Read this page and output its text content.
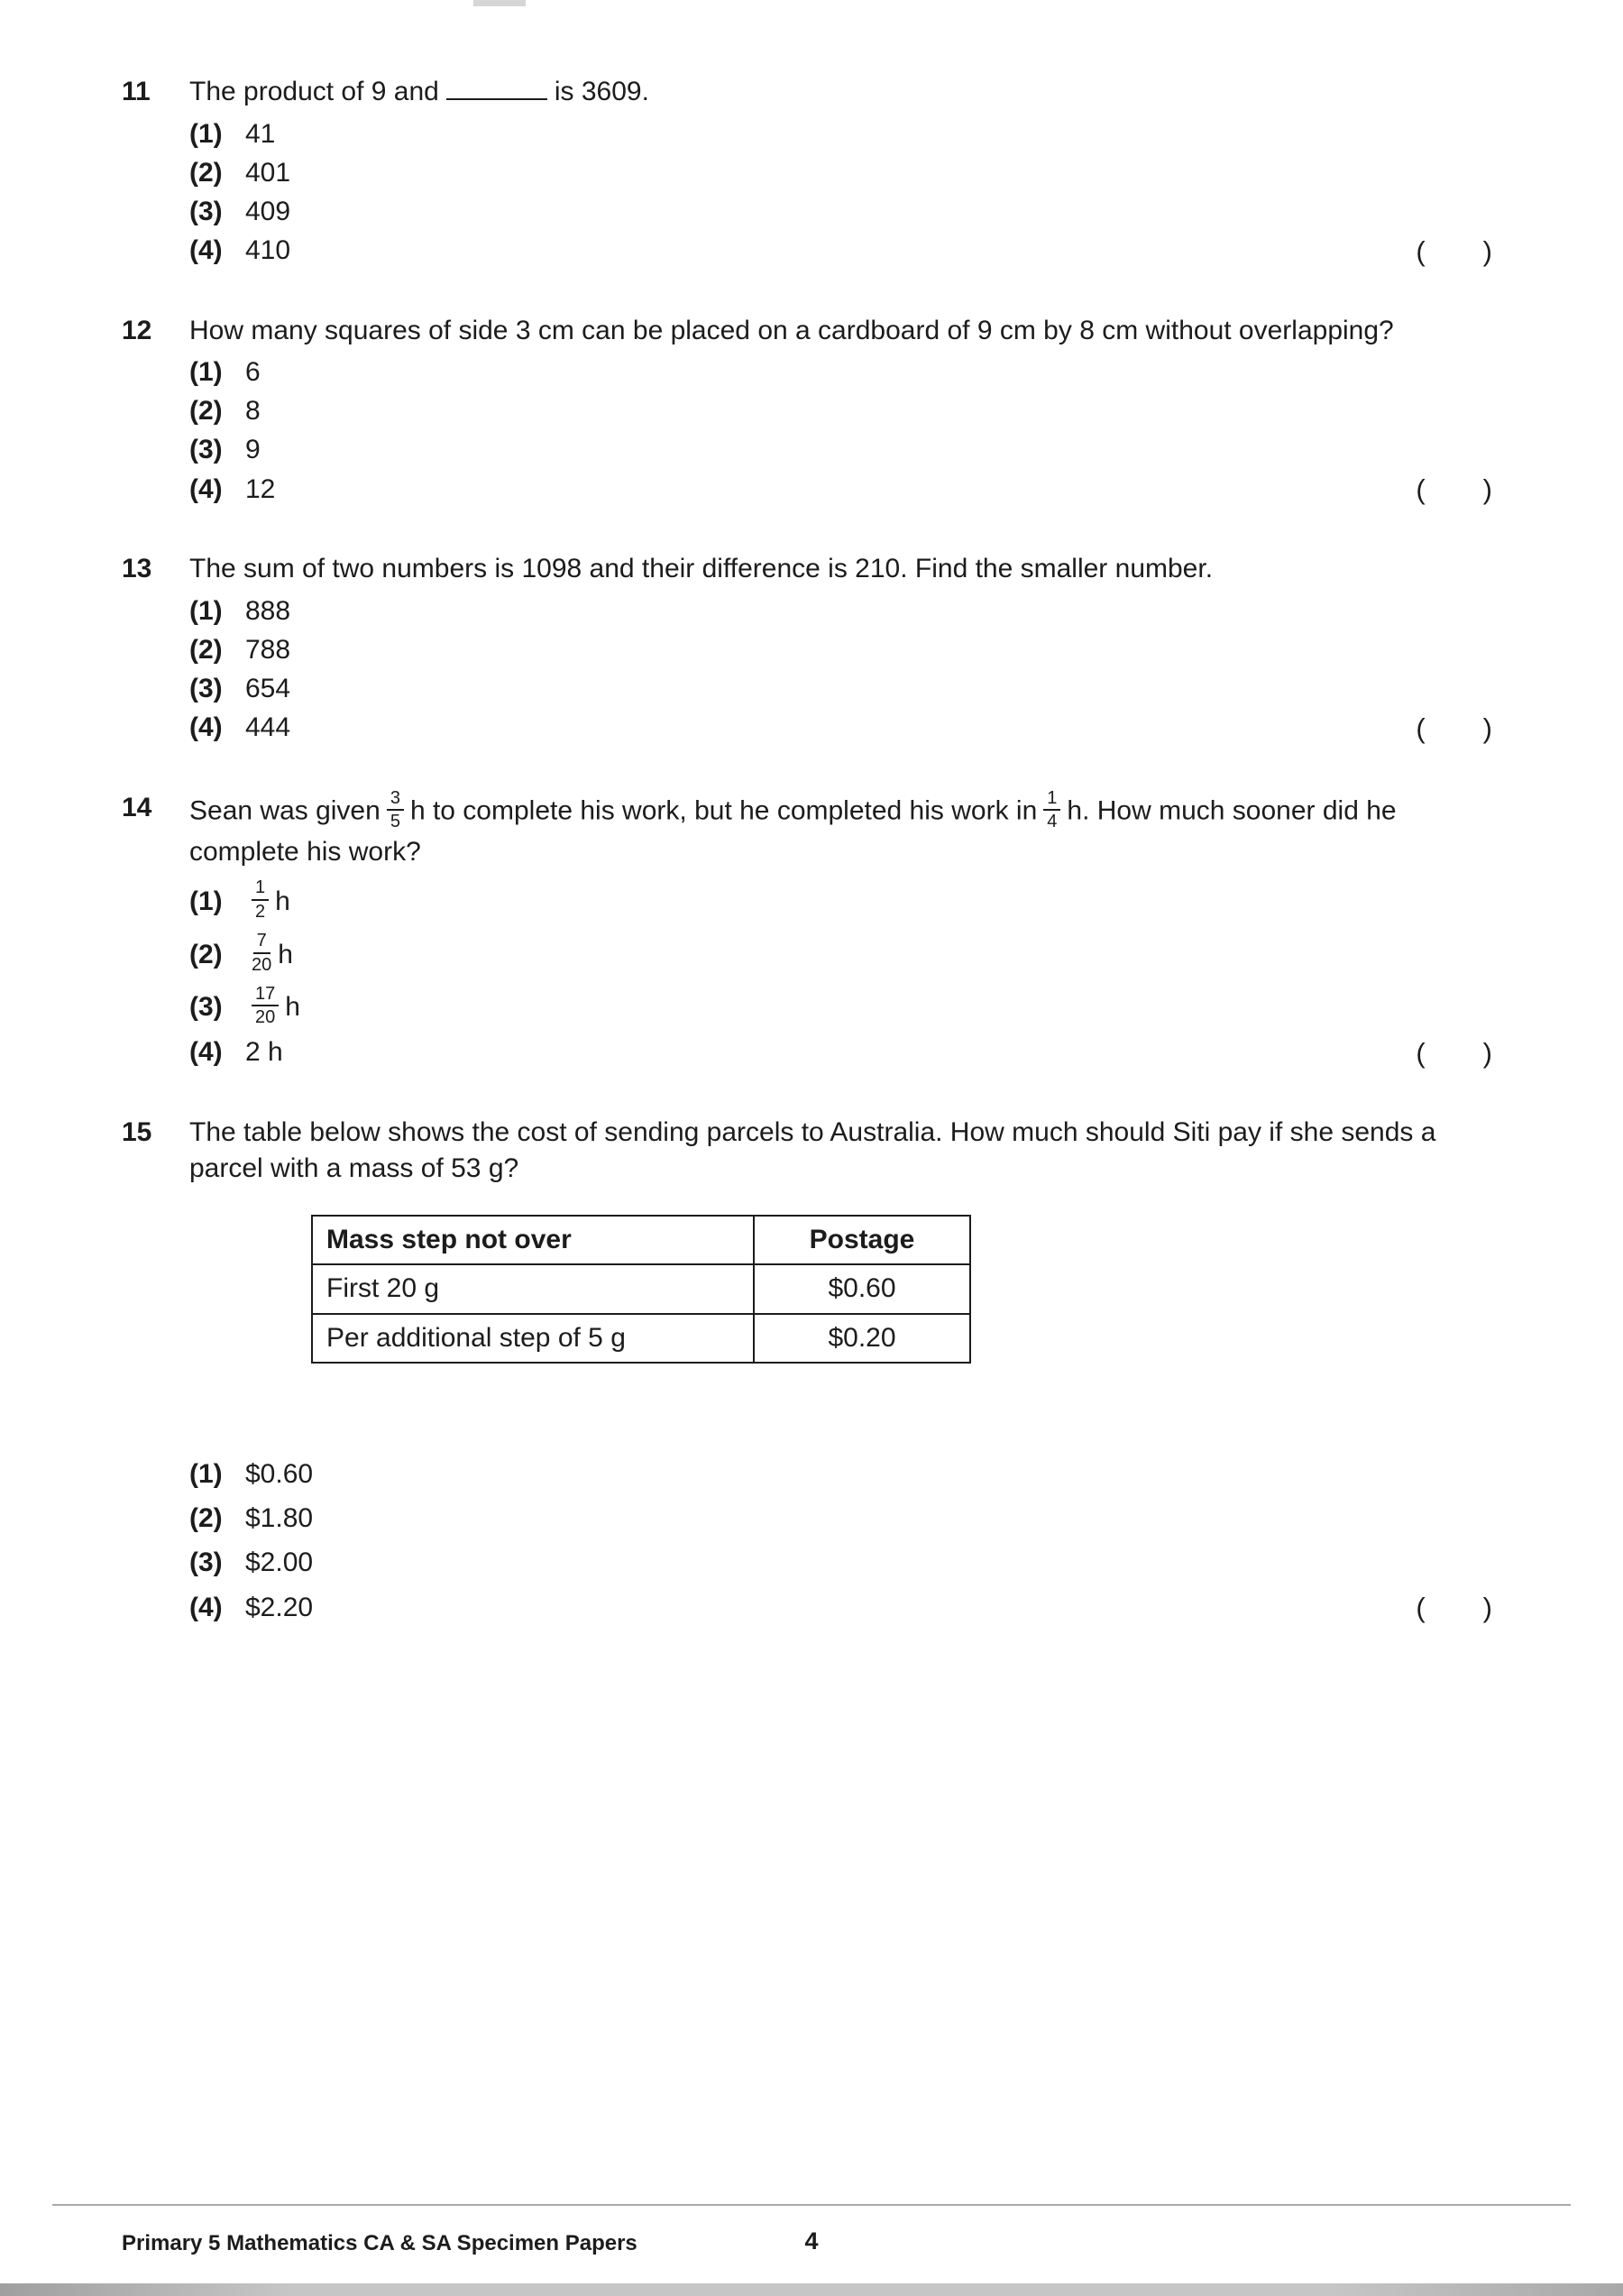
11	The product of 9 and	is 3609.
(1) 41
(2) 401
(3) 409
(4) 410	( )
12	How many squares of side 3 cm can be placed on a cardboard of 9 cm by 8 cm without overlapping?
(1) 6
(2) 8
(3) 9
(4) 12	( )
13	The sum of two numbers is 1098 and their difference is 210. Find the smaller number.
(1) 888
(2) 788
(3) 654
(4) 444	( )
14	Sean was given $\frac{3}{5}$ h to complete his work, but he completed his work in $\frac{1}{4} h$. How much sooner did he complete his work?
(1)	$\frac{1}{2}$ h
(2)	$\frac{7}{20}$ h
(3)	$\frac{17}{20}$ h
(4) 2 h	( )
15	The table below shows the cost of sending parcels to Australia. How much should Siti pay if she sends a parcel with a mass of 53 g?
Mass step not over	Postage
First 20 g	$0.60
Per additional step of 5 g	$0.20
(1) $0.60
(2) $1.80
(3) $2.00
(4) $2.20	( )
4
Primary 5 Mathematics CA & SA Specimen Papers
